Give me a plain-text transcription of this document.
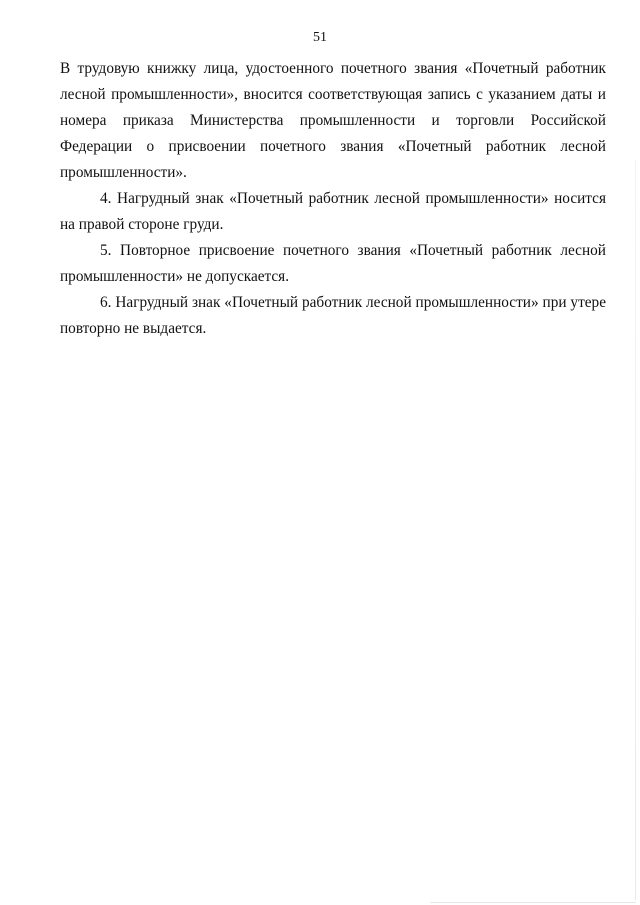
51

В трудовую книжку лица, удостоенного почетного звания «Почетный работник лесной промышленности», вносится соответствующая запись с указанием даты и номера приказа Министерства промышленности и торговли Российской Федерации о присвоении почетного звания «Почетный работник лесной промышленности».

4. Нагрудный знак «Почетный работник лесной промышленности» носится на правой стороне груди.

5. Повторное присвоение почетного звания «Почетный работник лесной промышленности» не допускается.

6. Нагрудный знак «Почетный работник лесной промышленности» при утере повторно не выдается.
